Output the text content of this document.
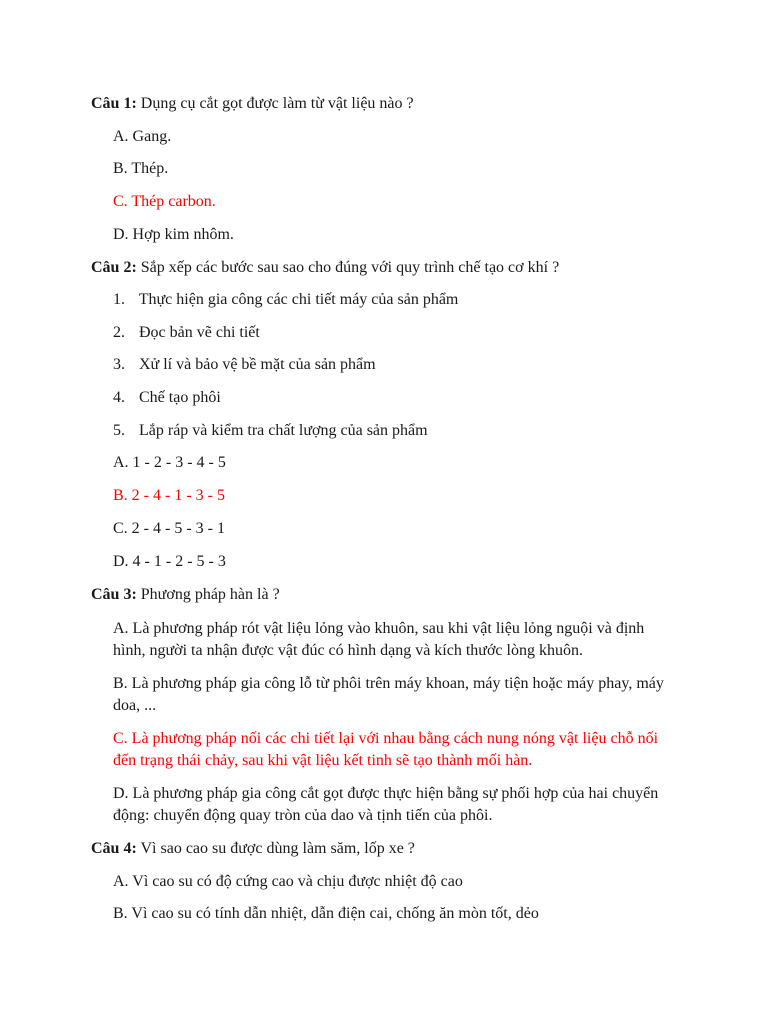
Câu 1: Dụng cụ cắt gọt được làm từ vật liệu nào ?
A. Gang.
B. Thép.
C. Thép carbon.
D. Hợp kim nhôm.
Câu 2: Sắp xếp các bước sau sao cho đúng với quy trình chế tạo cơ khí ?
1. Thực hiện gia công các chi tiết máy của sản phẩm
2. Đọc bản vẽ chi tiết
3. Xử lí và bảo vệ bề mặt của sản phẩm
4. Chế tạo phôi
5. Lắp ráp và kiểm tra chất lượng của sản phẩm
A. 1 - 2 - 3 - 4 - 5
B. 2 - 4 - 1 - 3 - 5
C. 2 - 4 - 5 - 3 - 1
D. 4 - 1 - 2 - 5 - 3
Câu 3: Phương pháp hàn là ?
A. Là phương pháp rót vật liệu lỏng vào khuôn, sau khi vật liệu lỏng nguội và định hình, người ta nhận được vật đúc có hình dạng và kích thước lòng khuôn.
B. Là phương pháp gia công lỗ từ phôi trên máy khoan, máy tiện hoặc máy phay, máy doa, ...
C. Là phương pháp nối các chi tiết lại với nhau bằng cách nung nóng vật liệu chỗ nối đến trạng thái chảy, sau khi vật liệu kết tinh sẽ tạo thành mối hàn.
D. Là phương pháp gia công cắt gọt được thực hiện bằng sự phối hợp của hai chuyển động: chuyển động quay tròn của dao và tịnh tiến của phôi.
Câu 4: Vì sao cao su được dùng làm săm, lốp xe ?
A. Vì cao su có độ cứng cao và chịu được nhiệt độ cao
B. Vì cao su có tính dẫn nhiệt, dẫn điện cai, chống ăn mòn tốt, dẻo
